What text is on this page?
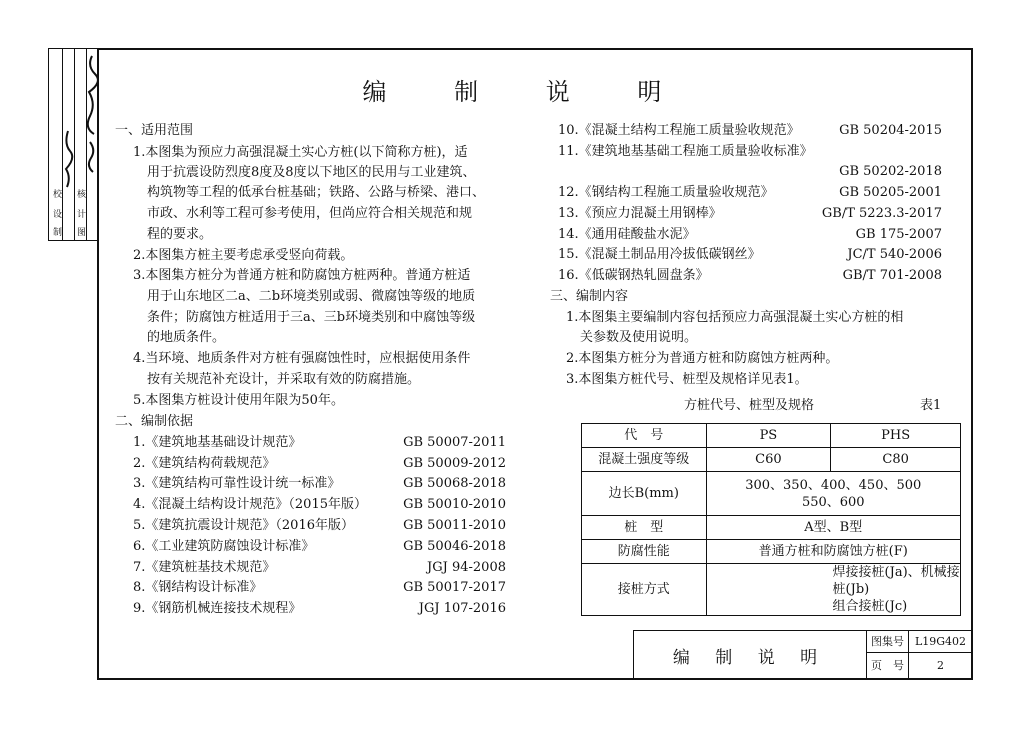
校
设
制
核
计
图
编 制 说 明
一、适用范围
1.本图集为预应力高强混凝土实心方桩(以下简称方桩)，适
用于抗震设防烈度8度及8度以下地区的民用与工业建筑、
构筑物等工程的低承台桩基础；铁路、公路与桥梁、港口、
市政、水利等工程可参考使用，但尚应符合相关规范和规
程的要求。
2.本图集方桩主要考虑承受竖向荷载。
3.本图集方桩分为普通方桩和防腐蚀方桩两种。普通方桩适
用于山东地区二a、二b环境类别或弱、微腐蚀等级的地质
条件；防腐蚀方桩适用于三a、三b环境类别和中腐蚀等级
的地质条件。
4.当环境、地质条件对方桩有强腐蚀性时，应根据使用条件
按有关规范补充设计，并采取有效的防腐措施。
5.本图集方桩设计使用年限为50年。
二、编制依据
1.《建筑地基基础设计规范》	GB 50007-2011
2.《建筑结构荷载规范》	GB 50009-2012
3.《建筑结构可靠性设计统一标准》	GB 50068-2018
4.《混凝土结构设计规范》（2015年版）	GB 50010-2010
5.《建筑抗震设计规范》（2016年版）	GB 50011-2010
6.《工业建筑防腐蚀设计标准》	GB 50046-2018
7.《建筑桩基技术规范》	JGJ 94-2008
8.《钢结构设计标准》	GB 50017-2017
9.《钢筋机械连接技术规程》	JGJ 107-2016
10.《混凝土结构工程施工质量验收规范》	GB 50204-2015
11.《建筑地基基础工程施工质量验收标准》
GB 50202-2018
12.《钢结构工程施工质量验收规范》	GB 50205-2001
13.《预应力混凝土用钢棒》	GB/T 5223.3-2017
14.《通用硅酸盐水泥》	GB 175-2007
15.《混凝土制品用冷拔低碳钢丝》	JC/T 540-2006
16.《低碳钢热轧圆盘条》	GB/T 701-2008
三、编制内容
1.本图集主要编制内容包括预应力高强混凝土实心方桩的相
关参数及使用说明。
2.本图集方桩分为普通方桩和防腐蚀方桩两种。
3.本图集方桩代号、桩型及规格详见表1。
方桩代号、桩型及规格	表1
代　号	PS	PHS
混凝土强度等级	C60	C80
边长B(mm)	300、350、400、450、500
550、600	

桩　型	A型、B型	
防腐性能	普通方桩和防腐蚀方桩(F)	
接桩方式	焊接接桩(Ja)、机械接桩(Jb)
组合接桩(Jc)	
编 制 说 明
图集号 L19G402
页　号	2
